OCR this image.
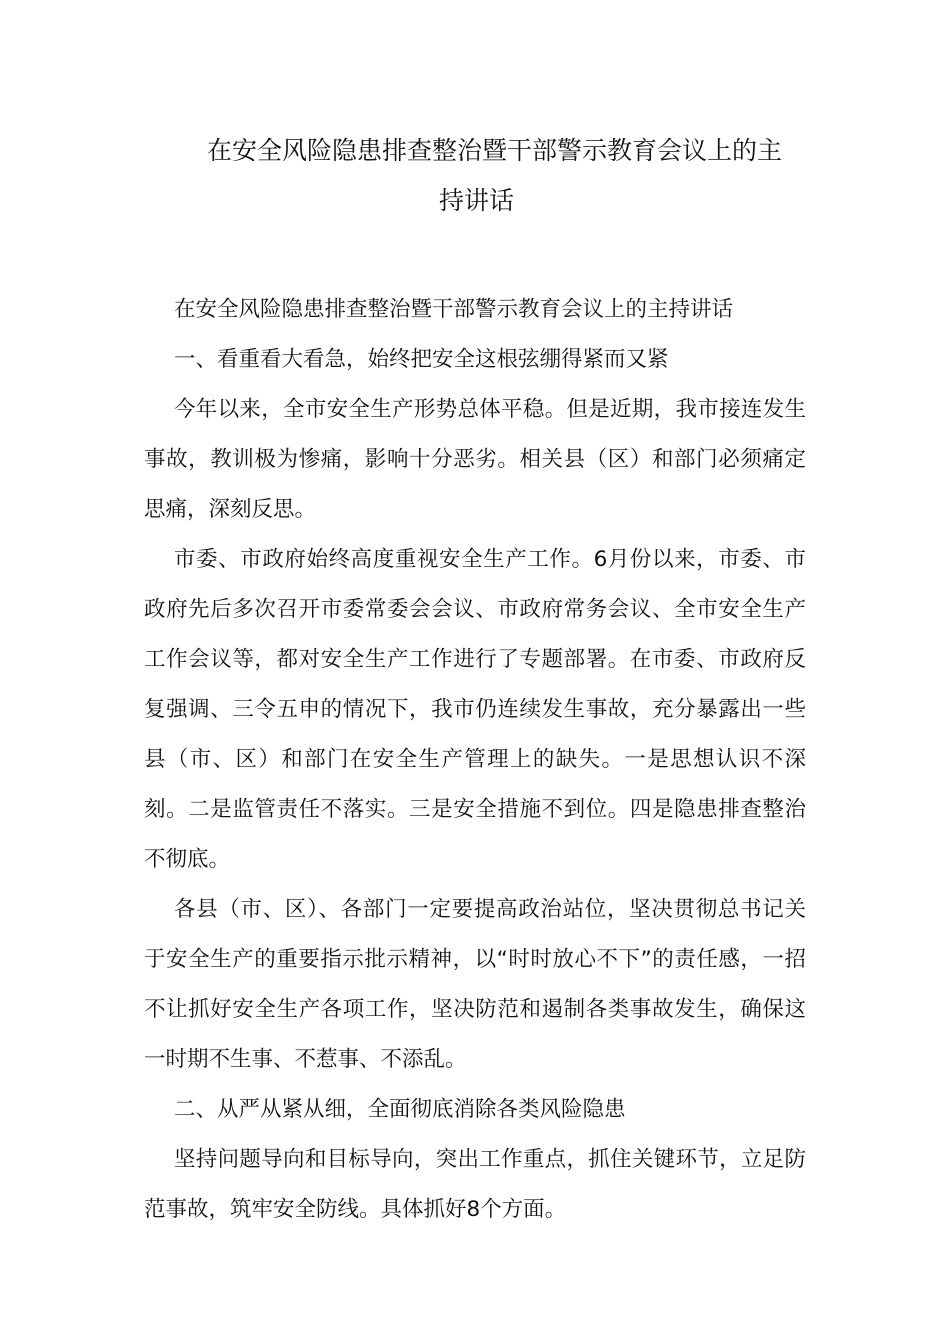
在安全风险隐患排查整治暨干部警示教育会议上的主
持讲话

在安全风险隐患排查整治暨干部警示教育会议上的主持讲话

一、看重看大看急，始终把安全这根弦绷得紧而又紧

今年以来，全市安全生产形势总体平稳。但是近期，我市接连发生事故，教训极为惨痛，影响十分恶劣。相关县（区）和部门必须痛定思痛，深刻反思。

市委、市政府始终高度重视安全生产工作。6月份以来，市委、市政府先后多次召开市委常委会会议、市政府常务会议、全市安全生产工作会议等，都对安全生产工作进行了专题部署。在市委、市政府反复强调、三令五申的情况下，我市仍连续发生事故，充分暴露出一些县（市、区）和部门在安全生产管理上的缺失。一是思想认识不深刻。二是监管责任不落实。三是安全措施不到位。四是隐患排查整治不彻底。

各县（市、区）、各部门一定要提高政治站位，坚决贯彻总书记关于安全生产的重要指示批示精神，以“时时放心不下”的责任感，一招不让抓好安全生产各项工作，坚决防范和遏制各类事故发生，确保这一时期不生事、不惹事、不添乱。

二、从严从紧从细，全面彻底消除各类风险隐患

坚持问题导向和目标导向，突出工作重点，抓住关键环节，立足防范事故，筑牢安全防线。具体抓好8个方面。
